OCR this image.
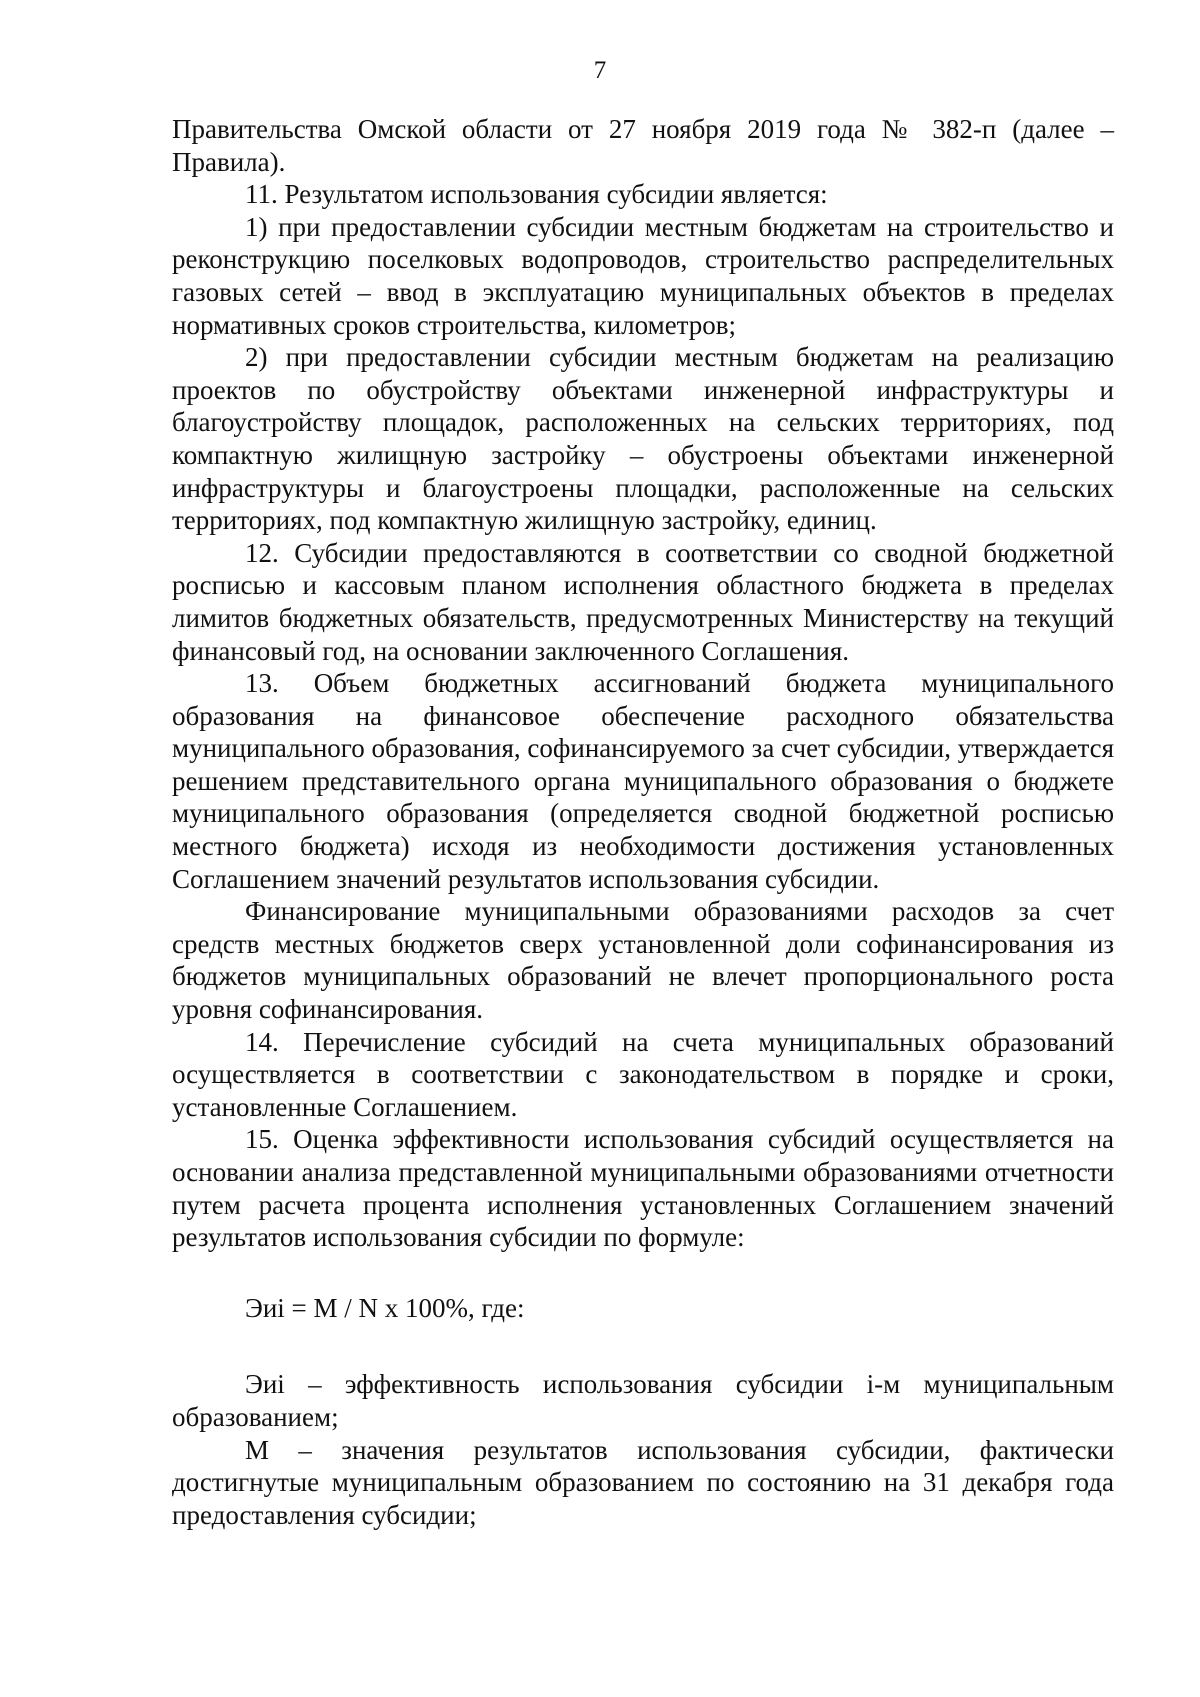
7

Правительства Омской области от 27 ноября 2019 года № 382-п (далее – Правила).

11. Результатом использования субсидии является:

1) при предоставлении субсидии местным бюджетам на строительство и реконструкцию поселковых водопроводов, строительство распределительных газовых сетей – ввод в эксплуатацию муниципальных объектов в пределах нормативных сроков строительства, километров;

2) при предоставлении субсидии местным бюджетам на реализацию проектов по обустройству объектами инженерной инфраструктуры и благоустройству площадок, расположенных на сельских территориях, под компактную жилищную застройку – обустроены объектами инженерной инфраструктуры и благоустроены площадки, расположенные на сельских территориях, под компактную жилищную застройку, единиц.

12. Субсидии предоставляются в соответствии со сводной бюджетной росписью и кассовым планом исполнения областного бюджета в пределах лимитов бюджетных обязательств, предусмотренных Министерству на текущий финансовый год, на основании заключенного Соглашения.

13. Объем бюджетных ассигнований бюджета муниципального образования на финансовое обеспечение расходного обязательства муниципального образования, софинансируемого за счет субсидии, утверждается решением представительного органа муниципального образования о бюджете муниципального образования (определяется сводной бюджетной росписью местного бюджета) исходя из необходимости достижения установленных Соглашением значений результатов использования субсидии.

Финансирование муниципальными образованиями расходов за счет средств местных бюджетов сверх установленной доли софинансирования из бюджетов муниципальных образований не влечет пропорционального роста уровня софинансирования.

14. Перечисление субсидий на счета муниципальных образований осуществляется в соответствии с законодательством в порядке и сроки, установленные Соглашением.

15. Оценка эффективности использования субсидий осуществляется на основании анализа представленной муниципальными образованиями отчетности путем расчета процента исполнения установленных Соглашением значений результатов использования субсидии по формуле:

Эиi = M / N x 100%, где:

Эиi – эффективность использования субсидии i-м муниципальным образованием;

M – значения результатов использования субсидии, фактически достигнутые муниципальным образованием по состоянию на 31 декабря года предоставления субсидии;
